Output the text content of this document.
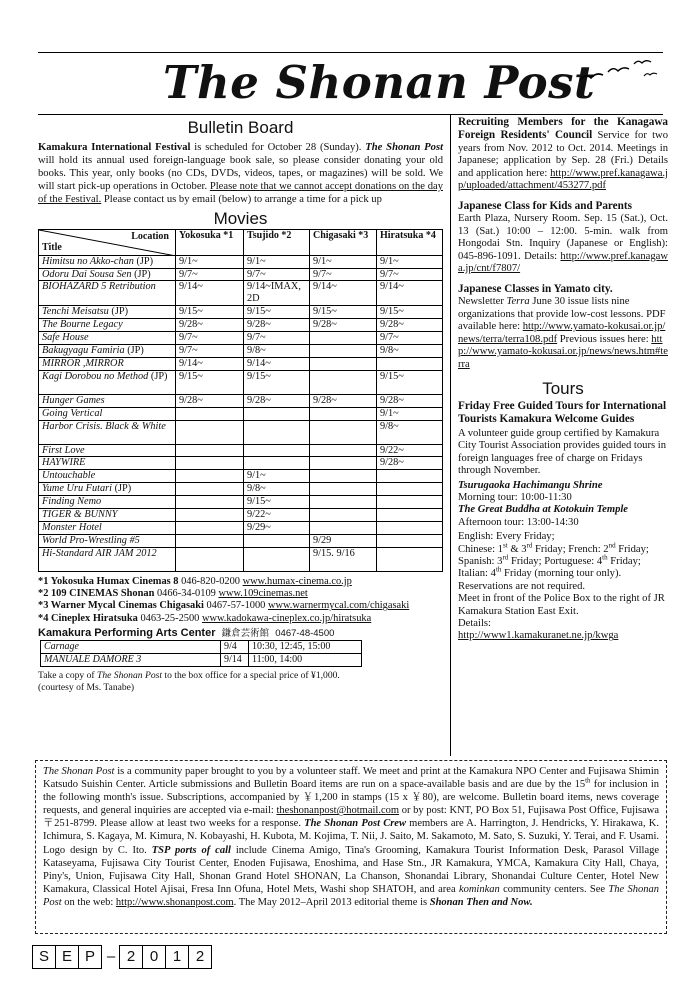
The Shonan Post
Bulletin Board

Kamakura International Festival is scheduled for October 28 (Sunday). The Shonan Post will hold its annual used foreign-language book sale, so please consider donating your old books. This year, only books (no CDs, DVDs, videos, tapes, or magazines) will be sold. We will start pick-up operations in October. Please note that we cannot accept donations on the day of the Festival. Please contact us by email (below) to arrange a time for a pick up

Movies
Location
Title	Yokosuka *1	Tsujido *2	Chigasaki *3	Hiratsuka *4
Himitsu no Akko-chan (JP)	9/1~	9/1~	9/1~	9/1~
Odoru Dai Sousa Sen (JP)	9/7~	9/7~	9/7~	9/7~
BIOHAZARD 5 Retribution	9/14~	9/14~IMAX,2D	9/14~	9/14~
Tenchi Meisatsu (JP)	9/15~	9/15~	9/15~	9/15~
The Bourne Legacy	9/28~	9/28~	9/28~	9/28~
Safe House	9/7~	9/7~		9/7~
Bakugyagu Famiria (JP)	9/7~	9/8~		9/8~
MIRROR ,MIRROR	9/14~	9/14~		
Kagi Dorobou no Method (JP)	9/15~	9/15~		9/15~
Hunger Games	9/28~	9/28~	9/28~	9/28~
Going Vertical				9/1~
Harbor Crisis. Black & White				9/8~
First Love				9/22~
HAYWIRE				9/28~
Untouchable		9/1~		
Yume Uru Futari (JP)		9/8~		
Finding Nemo		9/15~		
TIGER & BUNNY		9/22~		
Monster Hotel		9/29~		
World Pro-Wrestling #5			9/29	
Hi-Standard AIR JAM 2012			9/15. 9/16	
*1 Yokosuka Humax Cinemas 8 046-820-0200 www.humax-cinema.co.jp
*2 109 CINEMAS Shonan 0466-34-0109 www.109cinemas.net
*3 Warner Mycal Cinemas Chigasaki 0467-57-1000 www.warnermycal.com/chigasaki
*4 Cineplex Hiratsuka 0463-25-2500 www.kadokawa-cineplex.co.jp/hiratsuka
Kamakura Performing Arts Center 鎌倉芸術館 0467-48-4500
Carnage	9/4	10:30, 12:45, 15:00
MANUALE DAMORE 3	9/14	11:00, 14:00
Take a copy of The Shonan Post to the box office for a special price of ¥1,000.
(courtesy of Ms. Tanabe)

Recruiting Members for the Kanagawa Foreign Residents' Council Service for two years from Nov. 2012 to Oct. 2014. Meetings in Japanese; application by Sep. 28 (Fri.) Details and application here: http://www.pref.kanagawa.jp/uploaded/attachment/453277.pdf

Japanese Class for Kids and Parents

Earth Plaza, Nursery Room. Sep. 15 (Sat.), Oct. 13 (Sat.) 10:00 – 12:00. 5-min. walk from Hongodai Stn. Inquiry (Japanese or English): 045-896-1091. Details: http://www.pref.kanagawa.jp/cnt/f7807/

Japanese Classes in Yamato city.

Newsletter Terra June 30 issue lists nine organizations that provide low-cost lessons. PDF available here: http://www.yamato-kokusai.or.jp/news/terra/terra108.pdf Previous issues here: http://www.yamato-kokusai.or.jp/news/news.htm#terra

Tours
Friday Free Guided Tours for International Tourists Kamakura Welcome Guides

A volunteer guide group certified by Kamakura City Tourist Association provides guided tours in foreign languages free of charge on Fridays through November.

Tsurugaoka Hachimangu Shrine

Morning tour: 10:00-11:30

The Great Buddha at Kotokuin Temple

Afternoon tour: 13:00-14:30

English: Every Friday;

Chinese: 1st & 3rd Friday; French: 2nd Friday;

Spanish: 3rd Friday; Portuguese: 4th Friday;

Italian: 4th Friday (morning tour only).

Reservations are not required.

Meet in front of the Police Box to the right of JR Kamakura Station East Exit.

Details:

http://www1.kamakuranet.ne.jp/kwga

The Shonan Post is a community paper brought to you by a volunteer staff. We meet and print at the Kamakura NPO Center and Fujisawa Shimin Katsudo Suishin Center. Article submissions and Bulletin Board items are run on a space-available basis and are due by the 15th for inclusion in the following month's issue. Subscriptions, accompanied by ￥1,200 in stamps (15 x ￥80), are welcome. Bulletin board items, news coverage requests, and general inquiries are accepted via e-mail: theshonanpost@hotmail.com or by post: KNT, PO Box 51, Fujisawa Post Office, Fujisawa 〒251-8799. Please allow at least two weeks for a response. The Shonan Post Crew members are A. Harrington, J. Hendricks, Y. Hirakawa, K. Ichimura, S. Kagaya, M. Kimura, N. Kobayashi, H. Kubota, M. Kojima, T. Nii, J. Saito, M. Sakamoto, M. Sato, S. Suzuki, Y. Terai, and F. Usami. Logo design by C. Ito. TSP ports of call include Cinema Amigo, Tina's Grooming, Kamakura Tourist Information Desk, Parasol Village Kataseyama, Fujisawa City Tourist Center, Enoden Fujisawa, Enoshima, and Hase Stn., JR Kamakura, YMCA, Kamakura City Hall, Chaya, Piny's, Union, Fujisawa City Hall, Shonan Grand Hotel SHONAN, La Chanson, Shonandai Library, Shonandai Culture Center, Hotel New Kamakura, Classical Hotel Ajisai, Fresa Inn Ofuna, Hotel Mets, Washi shop SHATOH, and area kominkan community centers. See The Shonan Post on the web: http://www.shonanpost.com. The May 2012–April 2013 editorial theme is Shonan Then and Now.
S E P – 2 0 1 2
